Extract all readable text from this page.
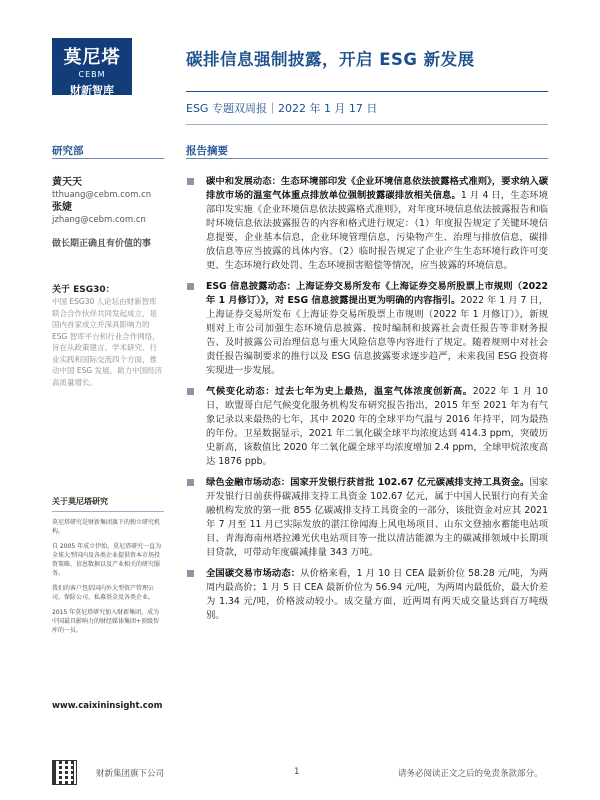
莫尼塔
CEBM
财新智库
碳排信息强制披露，开启 ESG 新发展
ESG 专题双周报｜2022 年 1 月 17 日
研究部	报告摘要
黄天天
tthuang@cebm.com.cn
张婕
jzhang@cebm.com.cn
做长期正确且有价值的事
关于 ESG30：
中国 ESG30 人论坛由财新智库联合合作伙伴共同发起成立，是国内首家成立并深具影响力的 ESG 智库平台和行业合作网络，旨在从政策建言、学术研究、行业实践和国际交流四个方面，推动中国 ESG 发展，助力中国经济高质量增长。
关于莫尼塔研究
莫尼塔研究是财新集团旗下的独立研究机构。
自 2005 年成立伊始，莫尼塔研究一直为全球大型国内及各类企业提供资本市场投资策略、信息数据以及产业相关的研究服务。
我们的客户包括国内外大型资产管理公司、保险公司、私募基金及各类企业。
2015 年莫尼塔研究加入财新集团，成为中国最具影响力的财经媒体集团+顶级智库的一员。
www.caixininsight.com
碳中和发展动态：生态环境部印发《企业环境信息依法披露格式准则》，要求纳入碳排放市场的温室气体重点排放单位强制披露碳排放相关信息。1 月 4 日，生态环境部印发实施《企业环境信息依法披露格式准则》，对年度环境信息依法披露报告和临时环境信息依法披露报告的内容和格式进行规定：（1）年度报告规定了关键环境信息提要，企业基本信息，企业环境管理信息，污染物产生、治理与排放信息，碳排放信息等应当披露的具体内容。（2）临时报告规定了企业产生生态环境行政许可变更、生态环境行政处罚、生态环境损害赔偿等情况，应当披露的环境信息。
ESG 信息披露动态：上海证券交易所发布《上海证券交易所股票上市规则（2022 年 1 月修订）》，对 ESG 信息披露提出更为明确的内容指引。2022 年 1 月 7 日，上海证券交易所发布《上海证券交易所股票上市规则（2022 年 1 月修订）》，新规则对上市公司加强生态环境信息披露、按时编制和披露社会责任报告等非财务报告、及时披露公司治理信息与重大风险信息等内容进行了规定。随着规则中对社会责任报告编制要求的推行以及 ESG 信息披露要求逐步趋严，未来我国 ESG 投资将实现进一步发展。
气候变化动态：过去七年为史上最热，温室气体浓度创新高。2022 年 1 月 10 日，欧盟哥白尼气候变化服务机构发布研究报告指出，2015 年至 2021 年为有气象记录以来最热的七年，其中 2020 年的全球平均气温与 2016 年持平，同为最热的年份。卫星数据显示，2021 年二氧化碳全球平均浓度达到 414.3 ppm，突破历史新高，该数值比 2020 年二氧化碳全球平均浓度增加 2.4 ppm，全球甲烷浓度高达 1876 ppb。
绿色金融市场动态：国家开发银行获首批 102.67 亿元碳减排支持工具资金。国家开发银行日前获得碳减排支持工具资金 102.67 亿元，属于中国人民银行向有关金融机构发放的第一批 855 亿碳减排支持工具资金的一部分，该批资金对应其 2021 年 7 月至 11 月已实际发放的湛江徐闻海上风电场项目、山东文登抽水蓄能电站项目、青海海南州塔拉滩光伏电站项目等一批以清洁能源为主的碳减排领域中长期项目贷款，可带动年度碳减排量 343 万吨。
全国碳交易市场动态：从价格来看，1 月 10 日 CEA 最新价位 58.28 元/吨，为两周内最高价；1 月 5 日 CEA 最新价位为 56.94 元/吨，为两周内最低价，最大价差为 1.34 元/吨，价格波动较小。成交量方面，近两周有两天成交量达到百万吨级别。
财新集团旗下公司	1	请务必阅读正文之后的免责条款部分。
